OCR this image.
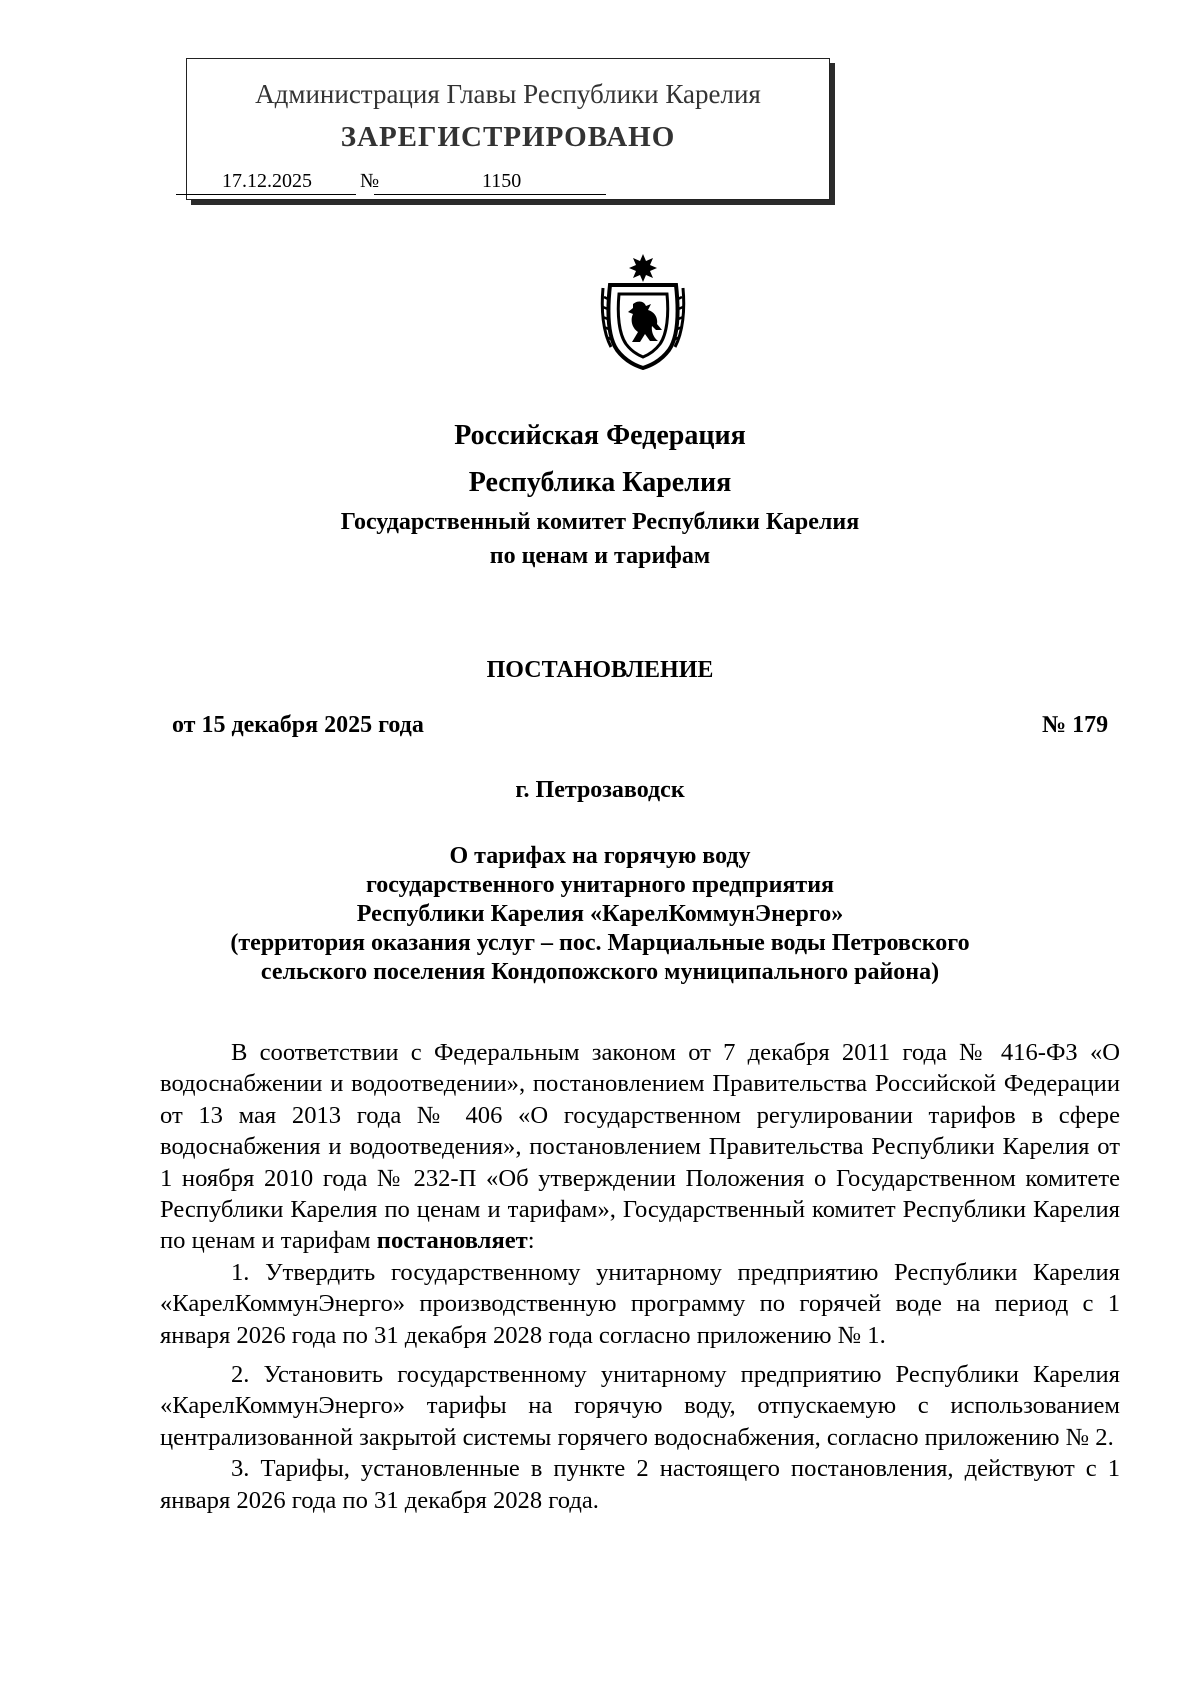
Администрация Главы Республики Карелия
ЗАРЕГИСТРИРОВАНО
17.12.2025 №	1150
Российская Федерация
Республика Карелия
Государственный комитет Республики Карелия
по ценам и тарифам
ПОСТАНОВЛЕНИЕ
от 15 декабря 2025 года	№ 179
г. Петрозаводск
О тарифах на горячую воду
государственного унитарного предприятия
Республики Карелия «КарелКоммунЭнерго»
(территория оказания услуг – пос. Марциальные воды Петровского
сельского поселения Кондопожского муниципального района)

В соответствии с Федеральным законом от 7 декабря 2011 года № 416-ФЗ «О водоснабжении и водоотведении», постановлением Правительства Российской Федерации от 13 мая 2013 года № 406 «О государственном регулировании тарифов в сфере водоснабжения и водоотведения», постановлением Правительства Республики Карелия от 1 ноября 2010 года № 232-П «Об утверждении Положения о Государственном комитете Республики Карелия по ценам и тарифам», Государственный комитет Республики Карелия по ценам и тарифам постановляет:

1. Утвердить государственному унитарному предприятию Республики Карелия «КарелКоммунЭнерго» производственную программу по горячей воде на период с 1 января 2026 года по 31 декабря 2028 года согласно приложению № 1.

2. Установить государственному унитарному предприятию Республики Карелия «КарелКоммунЭнерго» тарифы на горячую воду, отпускаемую с использованием централизованной закрытой системы горячего водоснабжения, согласно приложению № 2.

3. Тарифы, установленные в пункте 2 настоящего постановления, действуют с 1 января 2026 года по 31 декабря 2028 года.
